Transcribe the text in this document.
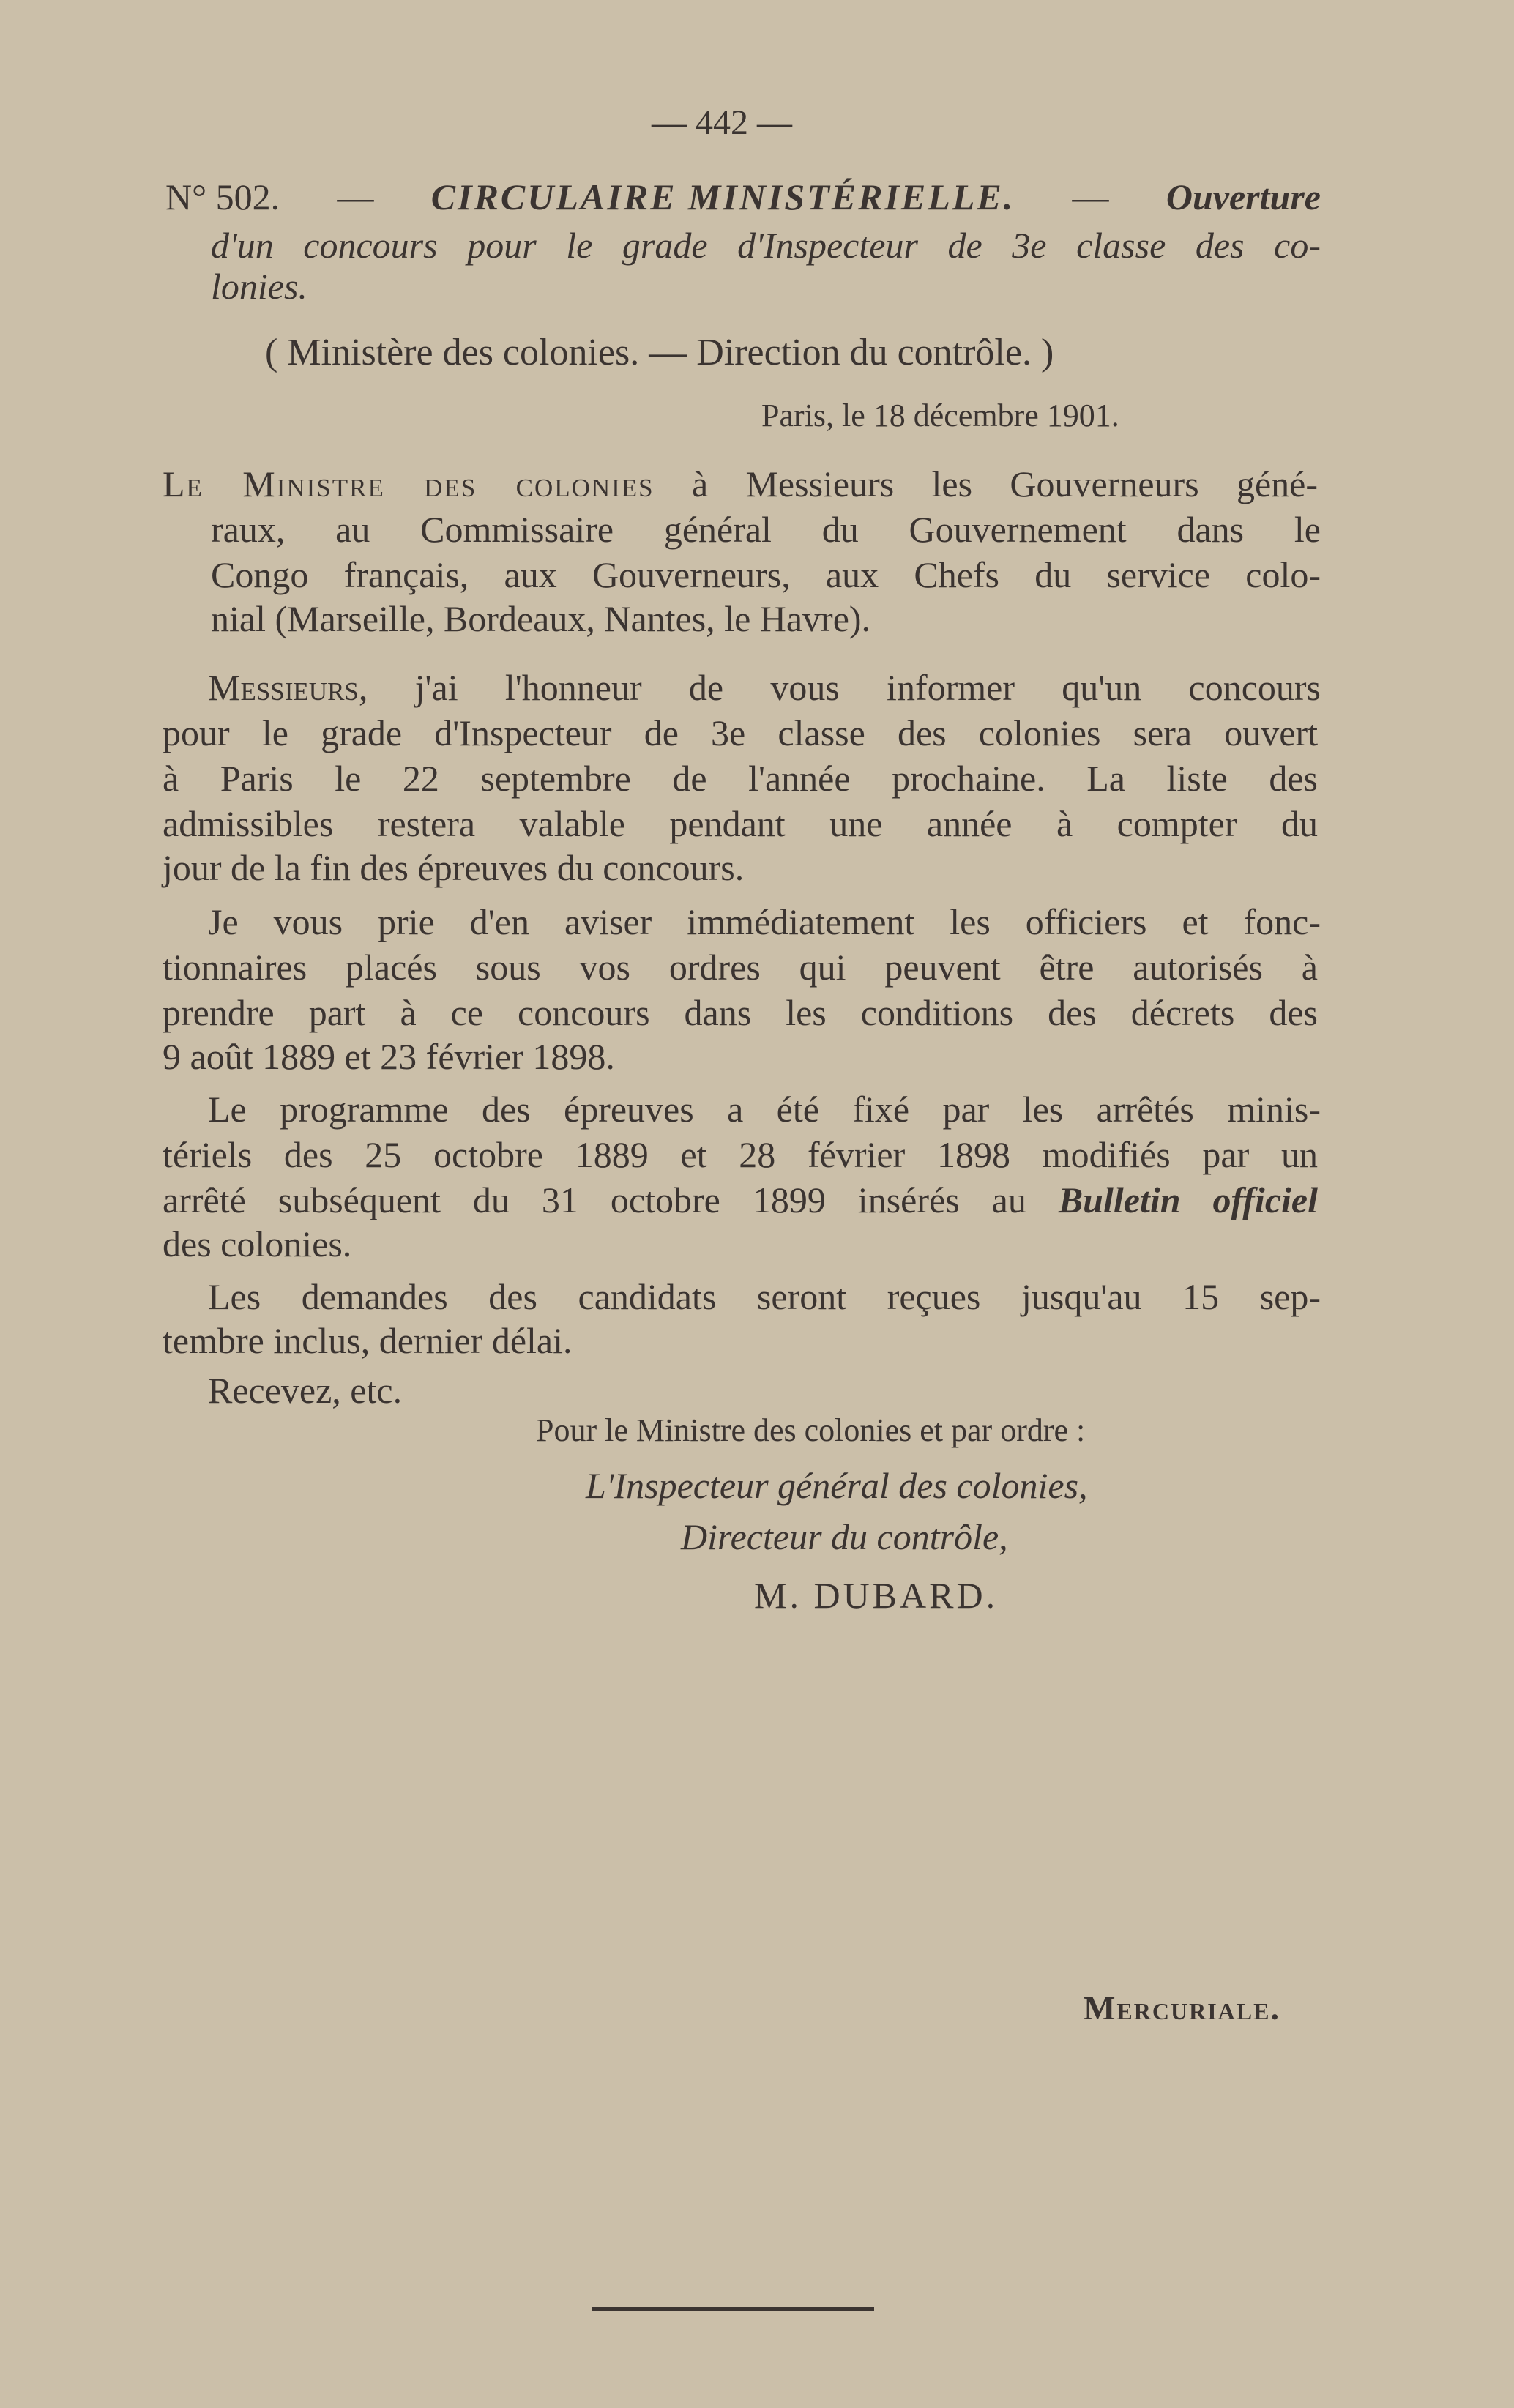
— 442 —
N° 502. — CIRCULAIRE MINISTÉRIELLE. — Ouverture
d'un concours pour le grade d'Inspecteur de 3e classe des co-
lonies.
( Ministère des colonies. — Direction du contrôle. )
Paris, le 18 décembre 1901.
Le Ministre des colonies à Messieurs les Gouverneurs géné-
raux, au Commissaire général du Gouvernement dans le
Congo français, aux Gouverneurs, aux Chefs du service colo-
nial (Marseille, Bordeaux, Nantes, le Havre).
Messieurs, j'ai l'honneur de vous informer qu'un concours
pour le grade d'Inspecteur de 3e classe des colonies sera ouvert
à Paris le 22 septembre de l'année prochaine. La liste des
admissibles restera valable pendant une année à compter du
jour de la fin des épreuves du concours.
Je vous prie d'en aviser immédiatement les officiers et fonc-
tionnaires placés sous vos ordres qui peuvent être autorisés à
prendre part à ce concours dans les conditions des décrets des
9 août 1889 et 23 février 1898.
Le programme des épreuves a été fixé par les arrêtés minis-
tériels des 25 octobre 1889 et 28 février 1898 modifiés par un
arrêté subséquent du 31 octobre 1899 insérés au Bulletin officiel
des colonies.
Les demandes des candidats seront reçues jusqu'au 15 sep-
tembre inclus, dernier délai.
Recevez, etc.
Pour le Ministre des colonies et par ordre :
L'Inspecteur général des colonies,
Directeur du contrôle,
M. DUBARD.
Mercuriale.
